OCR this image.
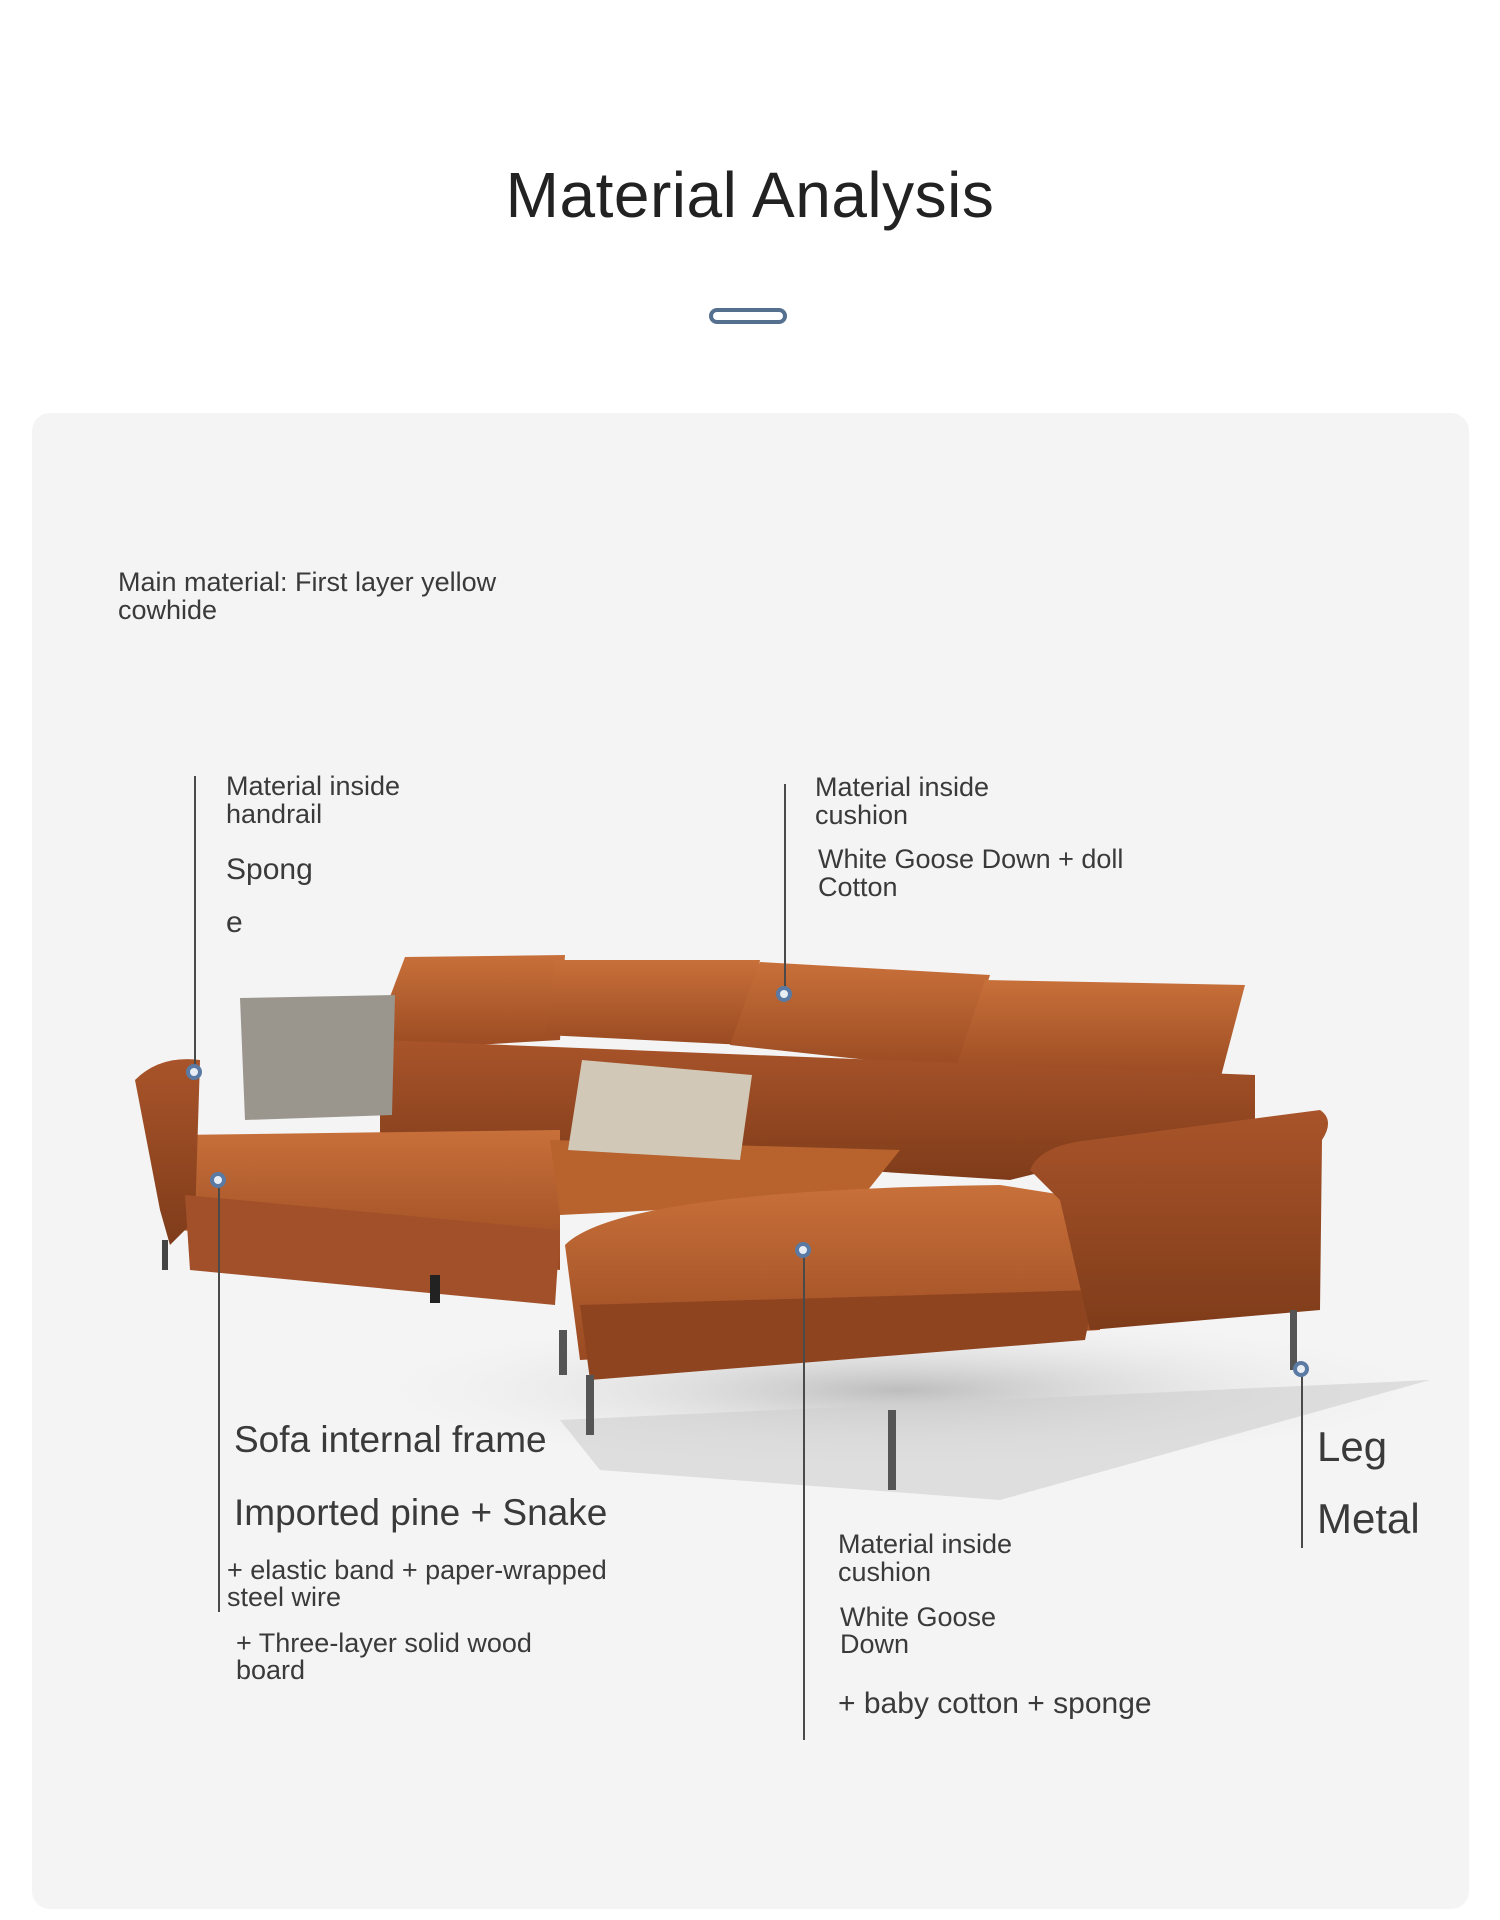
Material Analysis
Main material: First layer yellow
cowhide
Material inside
handrail
Spong
e
Material inside
cushion
White Goose Down + doll
Cotton
Sofa internal frame
Imported pine + Snake
+ elastic band + paper-wrapped
steel wire
+ Three-layer solid wood
board
Material inside
cushion
White Goose
Down
+ baby cotton + sponge
Leg
Metal
